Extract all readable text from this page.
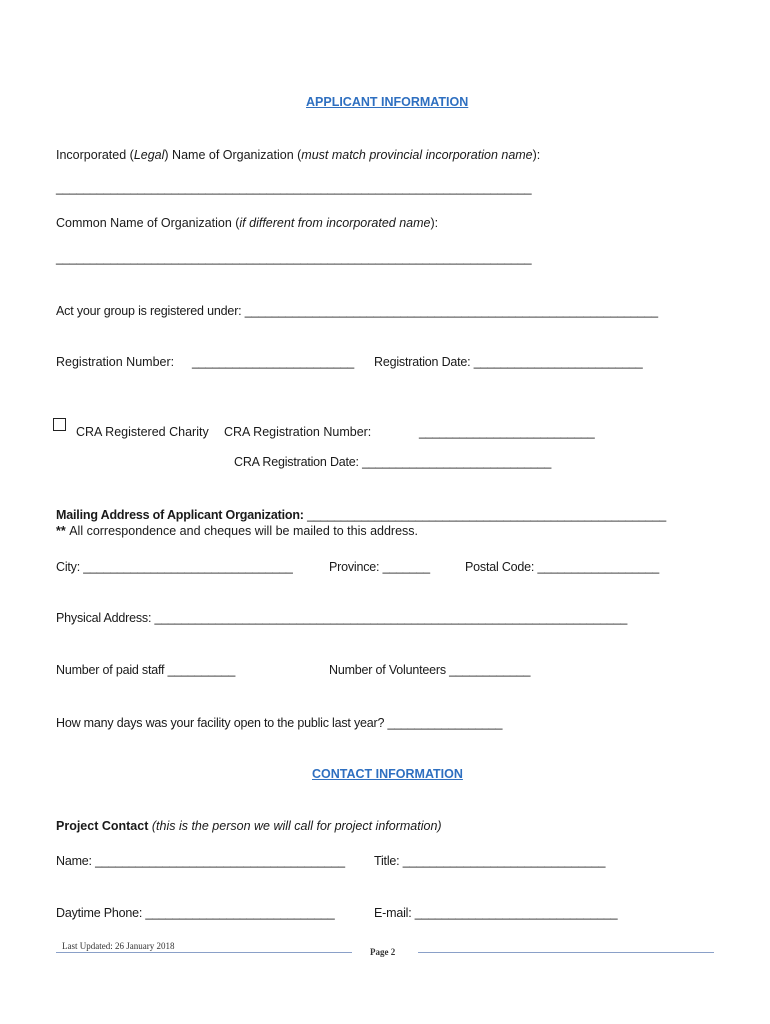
APPLICANT INFORMATION
Incorporated (Legal) Name of Organization (must match provincial incorporation name):
______________________________________________________________________
Common Name of Organization (if different from incorporated name):
______________________________________________________________________
Act your group is registered under: _____________________________________________________________
Registration Number: ________________________ Registration Date: _________________________
CRA Registered Charity CRA Registration Number:	__________________________
CRA Registration Date: ____________________________
Mailing Address of Applicant Organization: _____________________________________________________
** All correspondence and cheques will be mailed to this address.
City: _______________________________	Province: _______	Postal Code: __________________
Physical Address: ______________________________________________________________________
Number of paid staff __________	Number of Volunteers ____________
How many days was your facility open to the public last year? _________________
CONTACT INFORMATION
Project Contact (this is the person we will call for project information)
Name: _____________________________________ Title: ______________________________
Daytime Phone: ____________________________	E-mail: ______________________________
Last Updated: 26 January 2018
Page 2
